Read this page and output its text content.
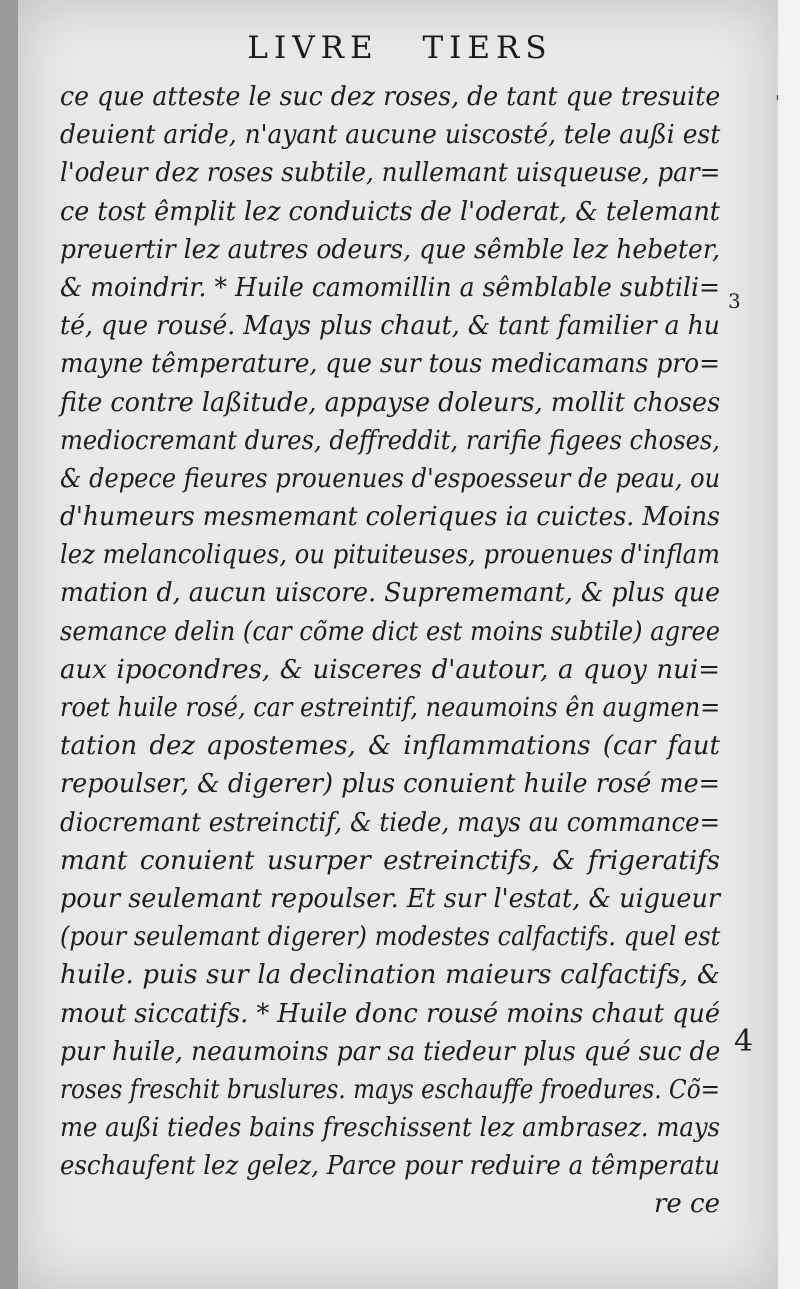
LIVRE TIERS
'
3
4
ce que atteste le suc dez roses, de tant que tresuite
deuient aride, n'ayant aucune uiscosté, tele außi est
l'odeur dez roses subtile, nullemant uisqueuse, par=
ce tost êmplit lez conduicts de l'oderat, & telemant
preuertir lez autres odeurs, que sêmble lez hebeter,
& moindrir. * Huile camomillin a sêmblable subtili=
té, que rousé. Mays plus chaut, & tant familier a hu
mayne têmperature, que sur tous medicamans pro=
fite contre laßitude, appayse doleurs, mollit choses
mediocremant dures, deffreddit, rarifie figees choses,
& depece fieures prouenues d'espoesseur de peau, ou
d'humeurs mesmemant coleriques ia cuictes. Moins
lez melancoliques, ou pituiteuses, prouenues d'inflam
mation d, aucun uiscore. Suprememant, & plus que
semance delin (car cõme dict est moins subtile) agree
aux ipocondres, & uisceres d'autour, a quoy nui=
roet huile rosé, car estreintif, neaumoins ên augmen=
tation dez apostemes, & inflammations (car faut
repoulser, & digerer) plus conuient huile rosé me=
diocremant estreinctif, & tiede, mays au commance=
mant conuient usurper estreinctifs, & frigeratifs
pour seulemant repoulser. Et sur l'estat, & uigueur
(pour seulemant digerer) modestes calfactifs. quel est
huile. puis sur la declination maieurs calfactifs, &
mout siccatifs. * Huile donc rousé moins chaut qué
pur huile, neaumoins par sa tiedeur plus qué suc de
roses freschit bruslures. mays eschauffe froedures. Cõ=
me außi tiedes bains freschissent lez ambrasez. mays
eschaufent lez gelez, Parce pour reduire a têmperatu
re ce
